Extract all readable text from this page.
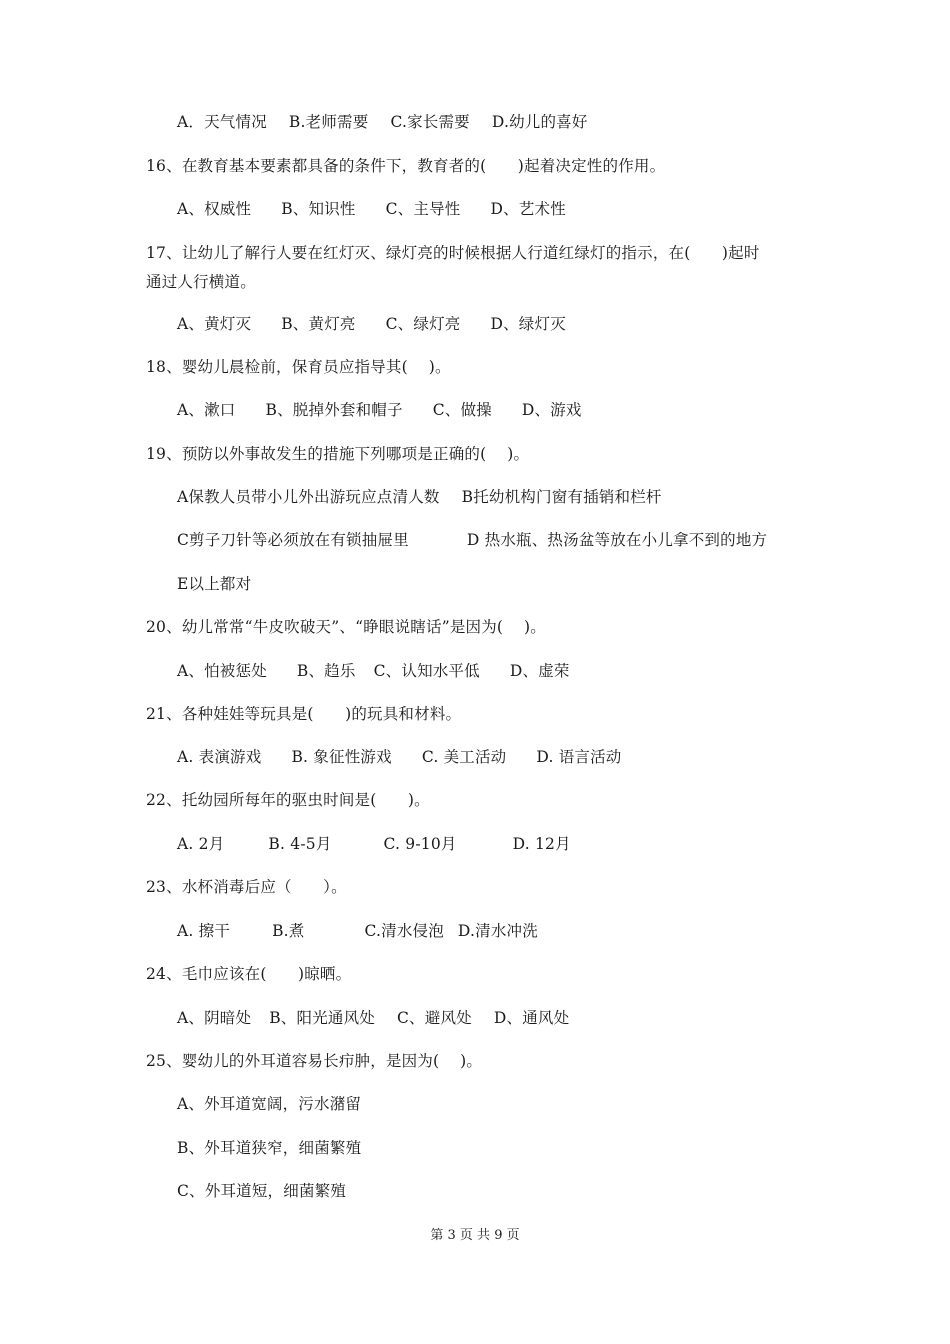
A．天气情况 B.老师需要 C.家长需要 D.幼儿的喜好
16、在教育基本要素都具备的条件下，教育者的(　　)起着决定性的作用。
A、权威性 B、知识性 C、主导性 D、艺术性
17、让幼儿了解行人要在红灯灭、绿灯亮的时候根据人行道红绿灯的指示，在(　　)起时
通过人行横道。
A、黄灯灭 B、黄灯亮 C、绿灯亮 D、绿灯灭
18、婴幼儿晨检前，保育员应指导其(　 )。
A、漱口 B、脱掉外套和帽子 C、做操 D、游戏
19、预防以外事故发生的措施下列哪项是正确的(　 )。
A保教人员带小儿外出游玩应点清人数 B托幼机构门窗有插销和栏杆
C剪子刀针等必须放在有锁抽屉里	D 热水瓶、热汤盆等放在小儿拿不到的地方
E以上都对
20、幼儿常常“牛皮吹破天”、“睁眼说瞎话”是因为(　 )。
A、怕被惩处 B、趋乐 C、认知水平低 D、虚荣
21、各种娃娃等玩具是(　　)的玩具和材料。
A. 表演游戏 B. 象征性游戏 C. 美工活动 D. 语言活动
22、托幼园所每年的驱虫时间是(　　)。
A. 2月	B. 4-5月	C. 9-10月	D. 12月
23、水杯消毒后应（　　）。
A. 擦干	B.煮	C.清水侵泡 D.清水冲洗
24、毛巾应该在(　　)晾晒。
A、阴暗处 B、阳光通风处 C、避风处 D、通风处
25、婴幼儿的外耳道容易长疖肿，是因为(　 )。
A、外耳道宽阔，污水潴留
B、外耳道狭窄，细菌繁殖
C、外耳道短，细菌繁殖
第 3 页 共 9 页
